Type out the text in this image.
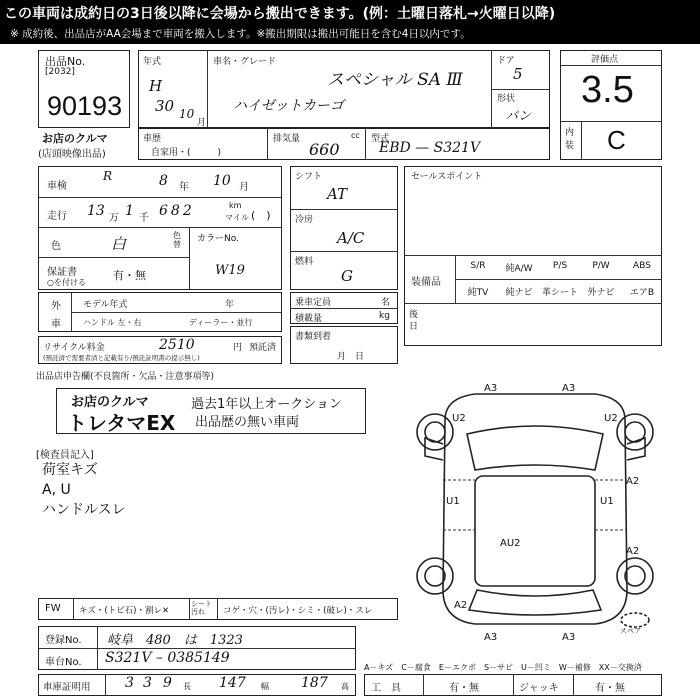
この車両は成約日の3日後以降に会場から搬出できます。(例：土曜日落札→火曜日以降)
※ 成約後、出品店がAA会場まで車両を搬入します。※搬出期限は搬出可能日を含む4日以内です。
出品No.
[2032]
90193
お店のクルマ
(店頭映像出品)
年式
H
30 10
月
車名・グレード
スペシャル SA Ⅲ
ハイゼットカーゴ
ドア
5
形状
バン
車歴
自家用・(　　　)
排気量	cc
660
型式
EBD — S321V
評価点
3.5
内装 C
車検
R	8 年 10 月
走行 13 万 1 千 682	km
マイル (　)
色	白	色替
カラーNo.
W19
保証書
○を付ける
有・無
外
車
モデル年式	年
ハンドル 左・右	ディーラー・並行
リサイクル料金	2510	円 預託済
(預託済で需要者済と記載有り/預託証明書の提示無し)
シフト
AT
冷房
A/C
燃料
G
乗車定員	名
積載量	kg
書類到着
月　日
セールスポイント
装備品
後日
S/R	純A/W	P/S	P/W	ABS
純TV	純ナビ	革シート	外ナビ	エアB
出品店申告欄(不良箇所・欠品・注意事項等)
お店のクルマ
トレタマEX
過去1年以上オークション
出品歴の無い車両
[検査員記入]
荷室キズ
A, U
ハンドルスレ
A3	A3
U2	U2
A2
U1	U1
AU2
A2
A2
A3	A3
スペア
FW キズ・(トビ石)・割レ✕
シート汚れ	コゲ・穴・(汚レ)・シミ・(破レ)・スレ
登録No. 岐阜　480　は　1323
車台No. S321V – 0385149
車庫証明用 3 3 9 長 147 幅 187 高
A－キズ　C－腐食　E－エクボ　S－サビ　U－凹ミ　W－補修　XX－交換済
工　具	有・無	ジャッキ	有・無
